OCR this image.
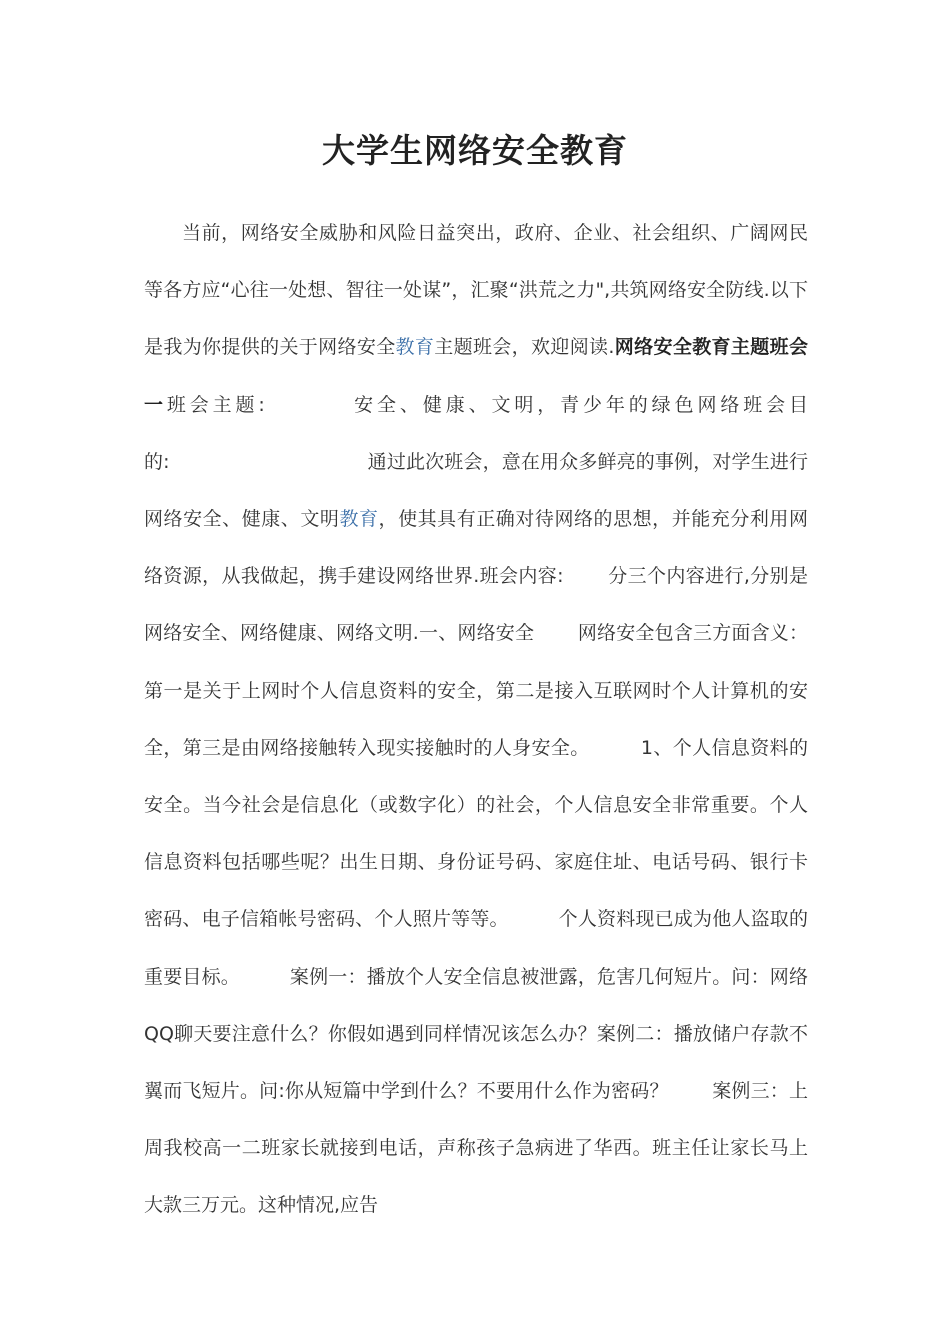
大学生网络安全教育

当前，网络安全威胁和风险日益突出，政府、企业、社会组织、广阔网民等各方应“心往一处想、智往一处谋”，汇聚“洪荒之力",共筑网络安全防线.以下是我为你提供的关于网络安全教育主题班会，欢迎阅读.网络安全教育主题班会一班会主题:         安全、健康、文明，青少年的绿色网络班会目的:                                通过此次班会，意在用众多鲜亮的事例，对学生进行网络安全、健康、文明教育，使其具有正确对待网络的思想，并能充分利用网络资源，从我做起，携手建设网络世界.班会内容:       分三个内容进行,分别是网络安全、网络健康、网络文明.一、网络安全       网络安全包含三方面含义：第一是关于上网时个人信息资料的安全，第二是接入互联网时个人计算机的安全，第三是由网络接触转入现实接触时的人身安全。        1、个人信息资料的安全。当今社会是信息化（或数字化）的社会，个人信息安全非常重要。个人信息资料包括哪些呢？出生日期、身份证号码、家庭住址、电话号码、银行卡密码、电子信箱帐号密码、个人照片等等。        个人资料现已成为他人盗取的重要目标。        案例一：播放个人安全信息被泄露，危害几何短片。问：网络QQ聊天要注意什么？你假如遇到同样情况该怎么办？案例二：播放储户存款不翼而飞短片。问:你从短篇中学到什么？不要用什么作为密码？       案例三：上周我校高一二班家长就接到电话，声称孩子急病进了华西。班主任让家长马上大款三万元。这种情况,应告
